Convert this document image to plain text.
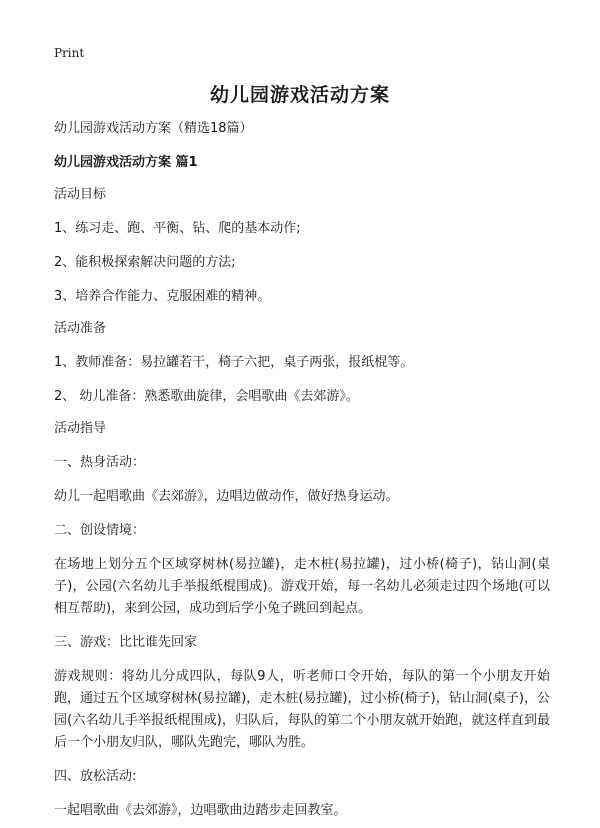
Print
幼儿园游戏活动方案

幼儿园游戏活动方案（精选18篇）

幼儿园游戏活动方案 篇1

活动目标

1、练习走、跑、平衡、钻、爬的基本动作;

2、能积极探索解决问题的方法;

3、培养合作能力、克服困难的精神。

活动准备

1、教师准备：易拉罐若干，椅子六把，桌子两张，报纸棍等。

2、 幼儿准备：熟悉歌曲旋律，会唱歌曲《去郊游》。

活动指导

一、热身活动：

幼儿一起唱歌曲《去郊游》，边唱边做动作，做好热身运动。

二、创设情境：

在场地上划分五个区域穿树林(易拉罐)，走木桩(易拉罐)，过小桥(椅子)，钻山洞(桌子)，公园(六名幼儿手举报纸棍围成)。游戏开始，每一名幼儿必须走过四个场地(可以相互帮助)，来到公园，成功到后学小兔子跳回到起点。

三、游戏：比比谁先回家

游戏规则：将幼儿分成四队，每队9人，听老师口令开始，每队的第一个小朋友开始跑，通过五个区域穿树林(易拉罐)，走木桩(易拉罐)，过小桥(椅子)，钻山洞(桌子)，公园(六名幼儿手举报纸棍围成)，归队后，每队的第二个小朋友就开始跑，就这样直到最后一个小朋友归队，哪队先跑完，哪队为胜。

四、放松活动:

一起唱歌曲《去郊游》，边唱歌曲边踏步走回教室。
